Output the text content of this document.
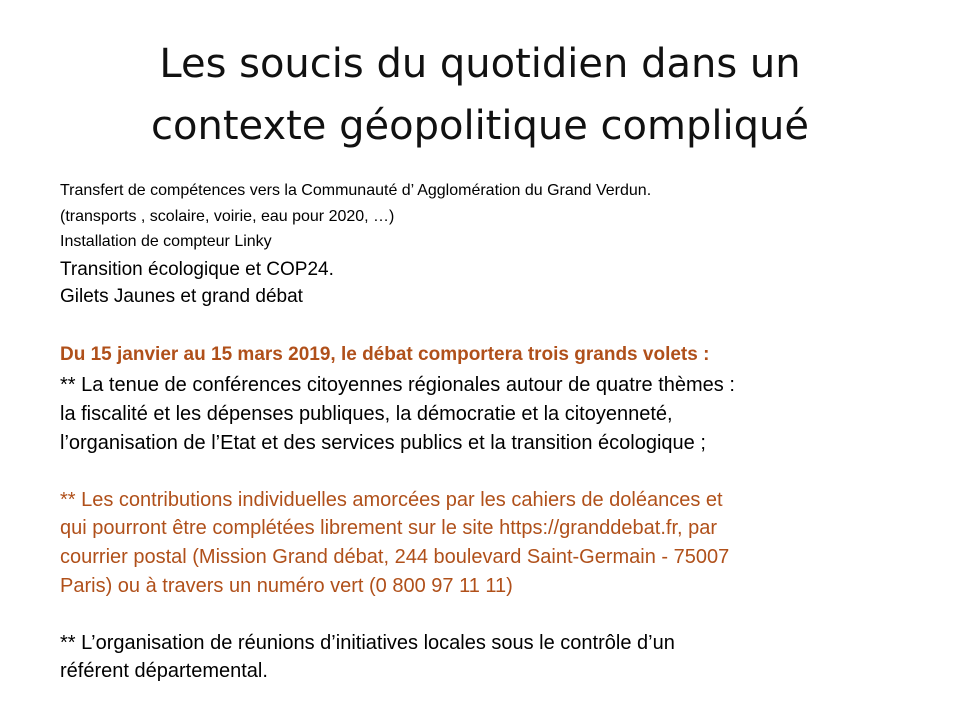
Les soucis du quotidien dans un
contexte géopolitique compliqué
Transfert de compétences vers la Communauté d’ Agglomération du Grand Verdun.
(transports , scolaire, voirie, eau pour 2020, …)
Installation de compteur Linky
Transition écologique et COP24.
Gilets Jaunes et grand débat
Du 15 janvier au 15 mars 2019, le débat comportera trois grands volets :
** La tenue de conférences citoyennes régionales autour de quatre thèmes :
la fiscalité et les dépenses publiques, la démocratie et la citoyenneté,
l’organisation de l’Etat et des services publics et la transition écologique ;
** Les contributions individuelles amorcées par les cahiers de doléances et
qui pourront être complétées librement sur le site https://granddebat.fr, par
courrier postal (Mission Grand débat, 244 boulevard Saint-Germain - 75007
Paris) ou à travers un numéro vert (0 800 97 11 11)
** L’organisation de réunions d’initiatives locales sous le contrôle d’un
référent départemental.
